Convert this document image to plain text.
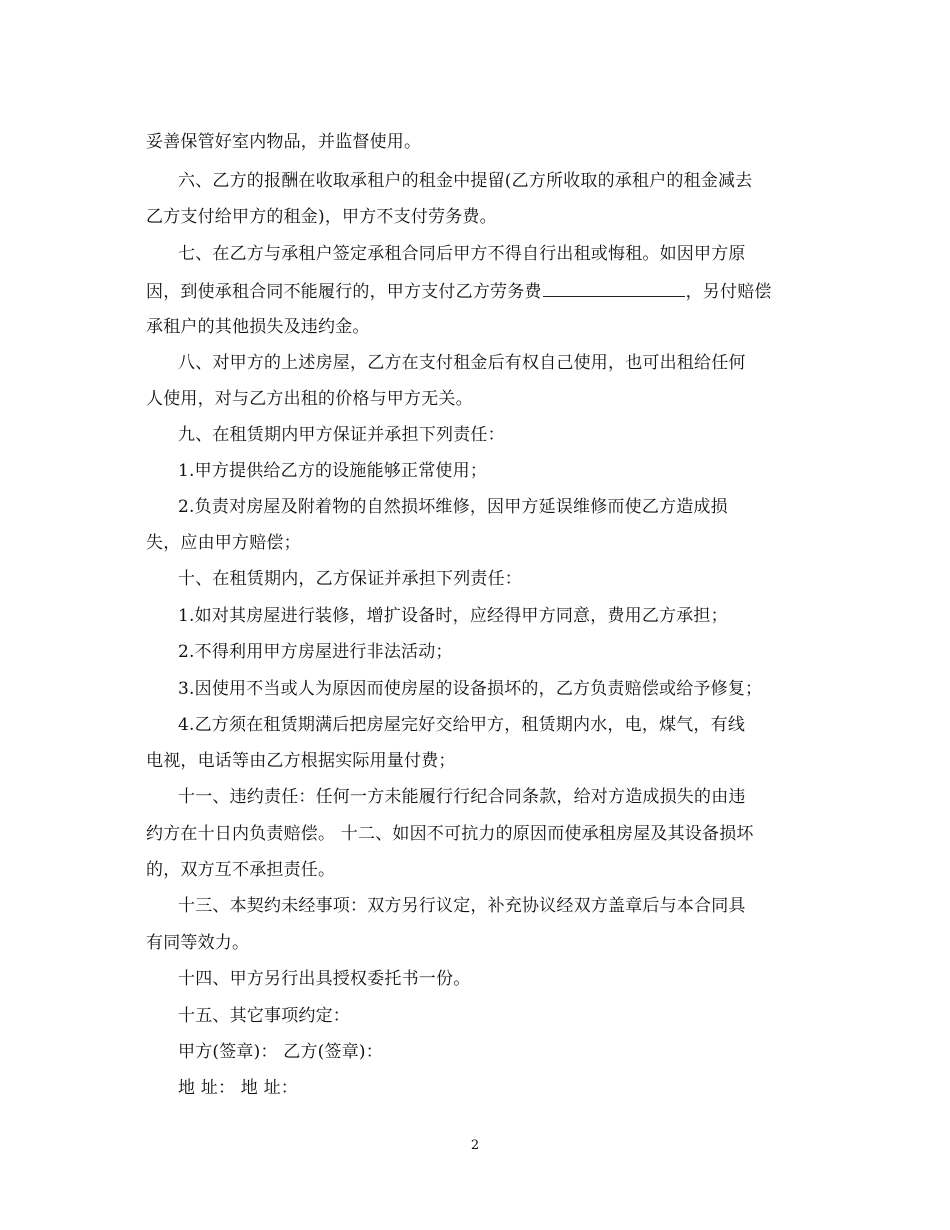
妥善保管好室内物品，并监督使用。
六、乙方的报酬在收取承租户的租金中提留(乙方所收取的承租户的租金减去
乙方支付给甲方的租金)，甲方不支付劳务费。
七、在乙方与承租户签定承租合同后甲方不得自行出租或悔租。如因甲方原
因，到使承租合同不能履行的，甲方支付乙方劳务费	，另付赔偿
承租户的其他损失及违约金。
八、对甲方的上述房屋，乙方在支付租金后有权自己使用，也可出租给任何
人使用，对与乙方出租的价格与甲方无关。
九、在租赁期内甲方保证并承担下列责任：
1.甲方提供给乙方的设施能够正常使用；
2.负责对房屋及附着物的自然损坏维修，因甲方延误维修而使乙方造成损
失，应由甲方赔偿；
十、在租赁期内，乙方保证并承担下列责任：
1.如对其房屋进行装修，增扩设备时，应经得甲方同意，费用乙方承担；
2.不得利用甲方房屋进行非法活动；
3.因使用不当或人为原因而使房屋的设备损坏的，乙方负责赔偿或给予修复；
4.乙方须在租赁期满后把房屋完好交给甲方，租赁期内水，电，煤气，有线
电视，电话等由乙方根据实际用量付费；
十一、违约责任：任何一方未能履行行纪合同条款，给对方造成损失的由违
约方在十日内负责赔偿。 十二、如因不可抗力的原因而使承租房屋及其设备损坏
的，双方互不承担责任。
十三、本契约未经事项：双方另行议定，补充协议经双方盖章后与本合同具
有同等效力。
十四、甲方另行出具授权委托书一份。
十五、其它事项约定：
甲方(签章)： 乙方(签章)：
地 址： 地 址：
2
